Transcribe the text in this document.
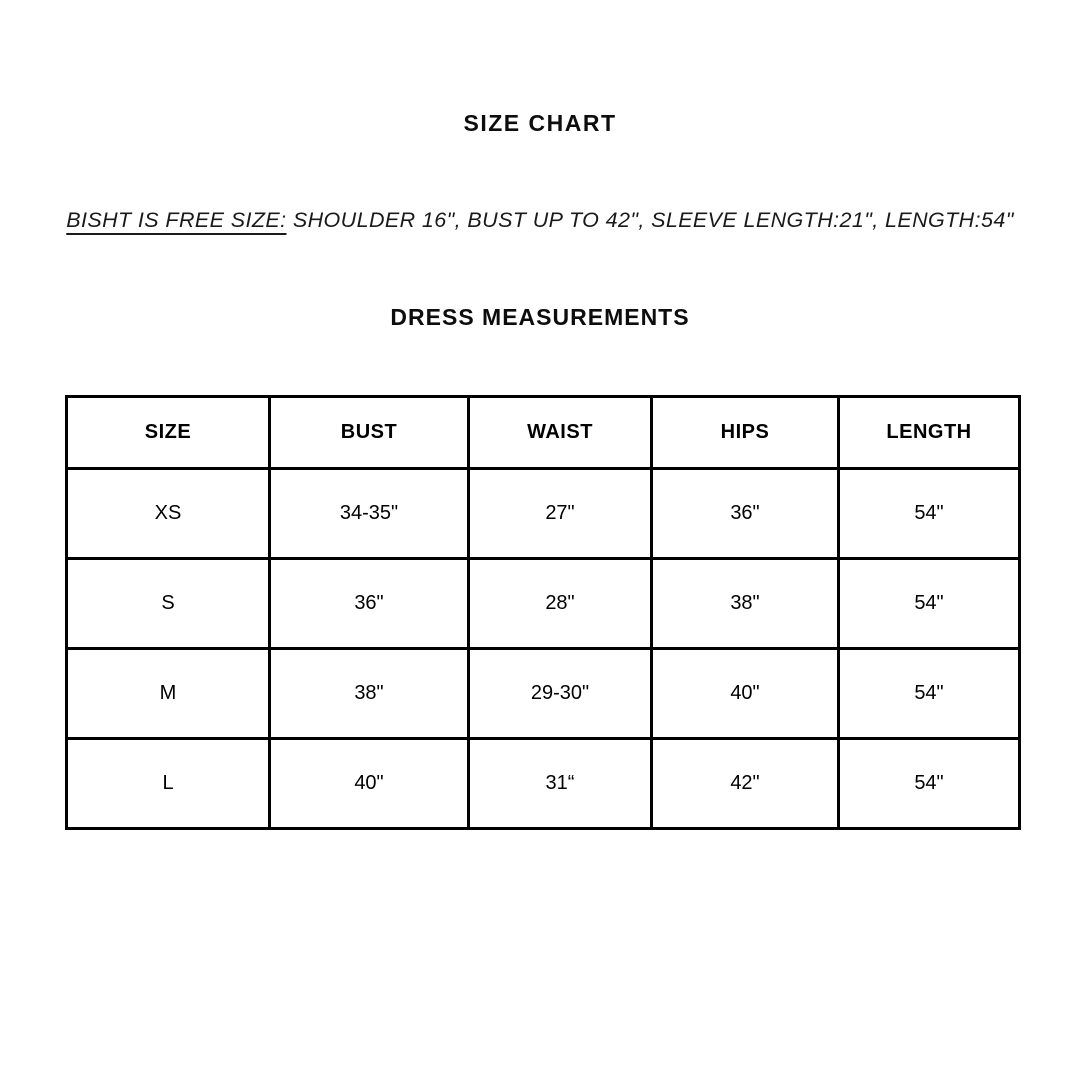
SIZE CHART
BISHT IS FREE SIZE: SHOULDER 16", BUST UP TO 42", SLEEVE LENGTH:21", LENGTH:54"
DRESS MEASUREMENTS
SIZE	BUST	WAIST	HIPS	LENGTH
XS	34-35"	27"	36"	54"
S	36"	28"	38"	54"
M	38"	29-30"	40"	54"
L	40"	31“	42"	54"
